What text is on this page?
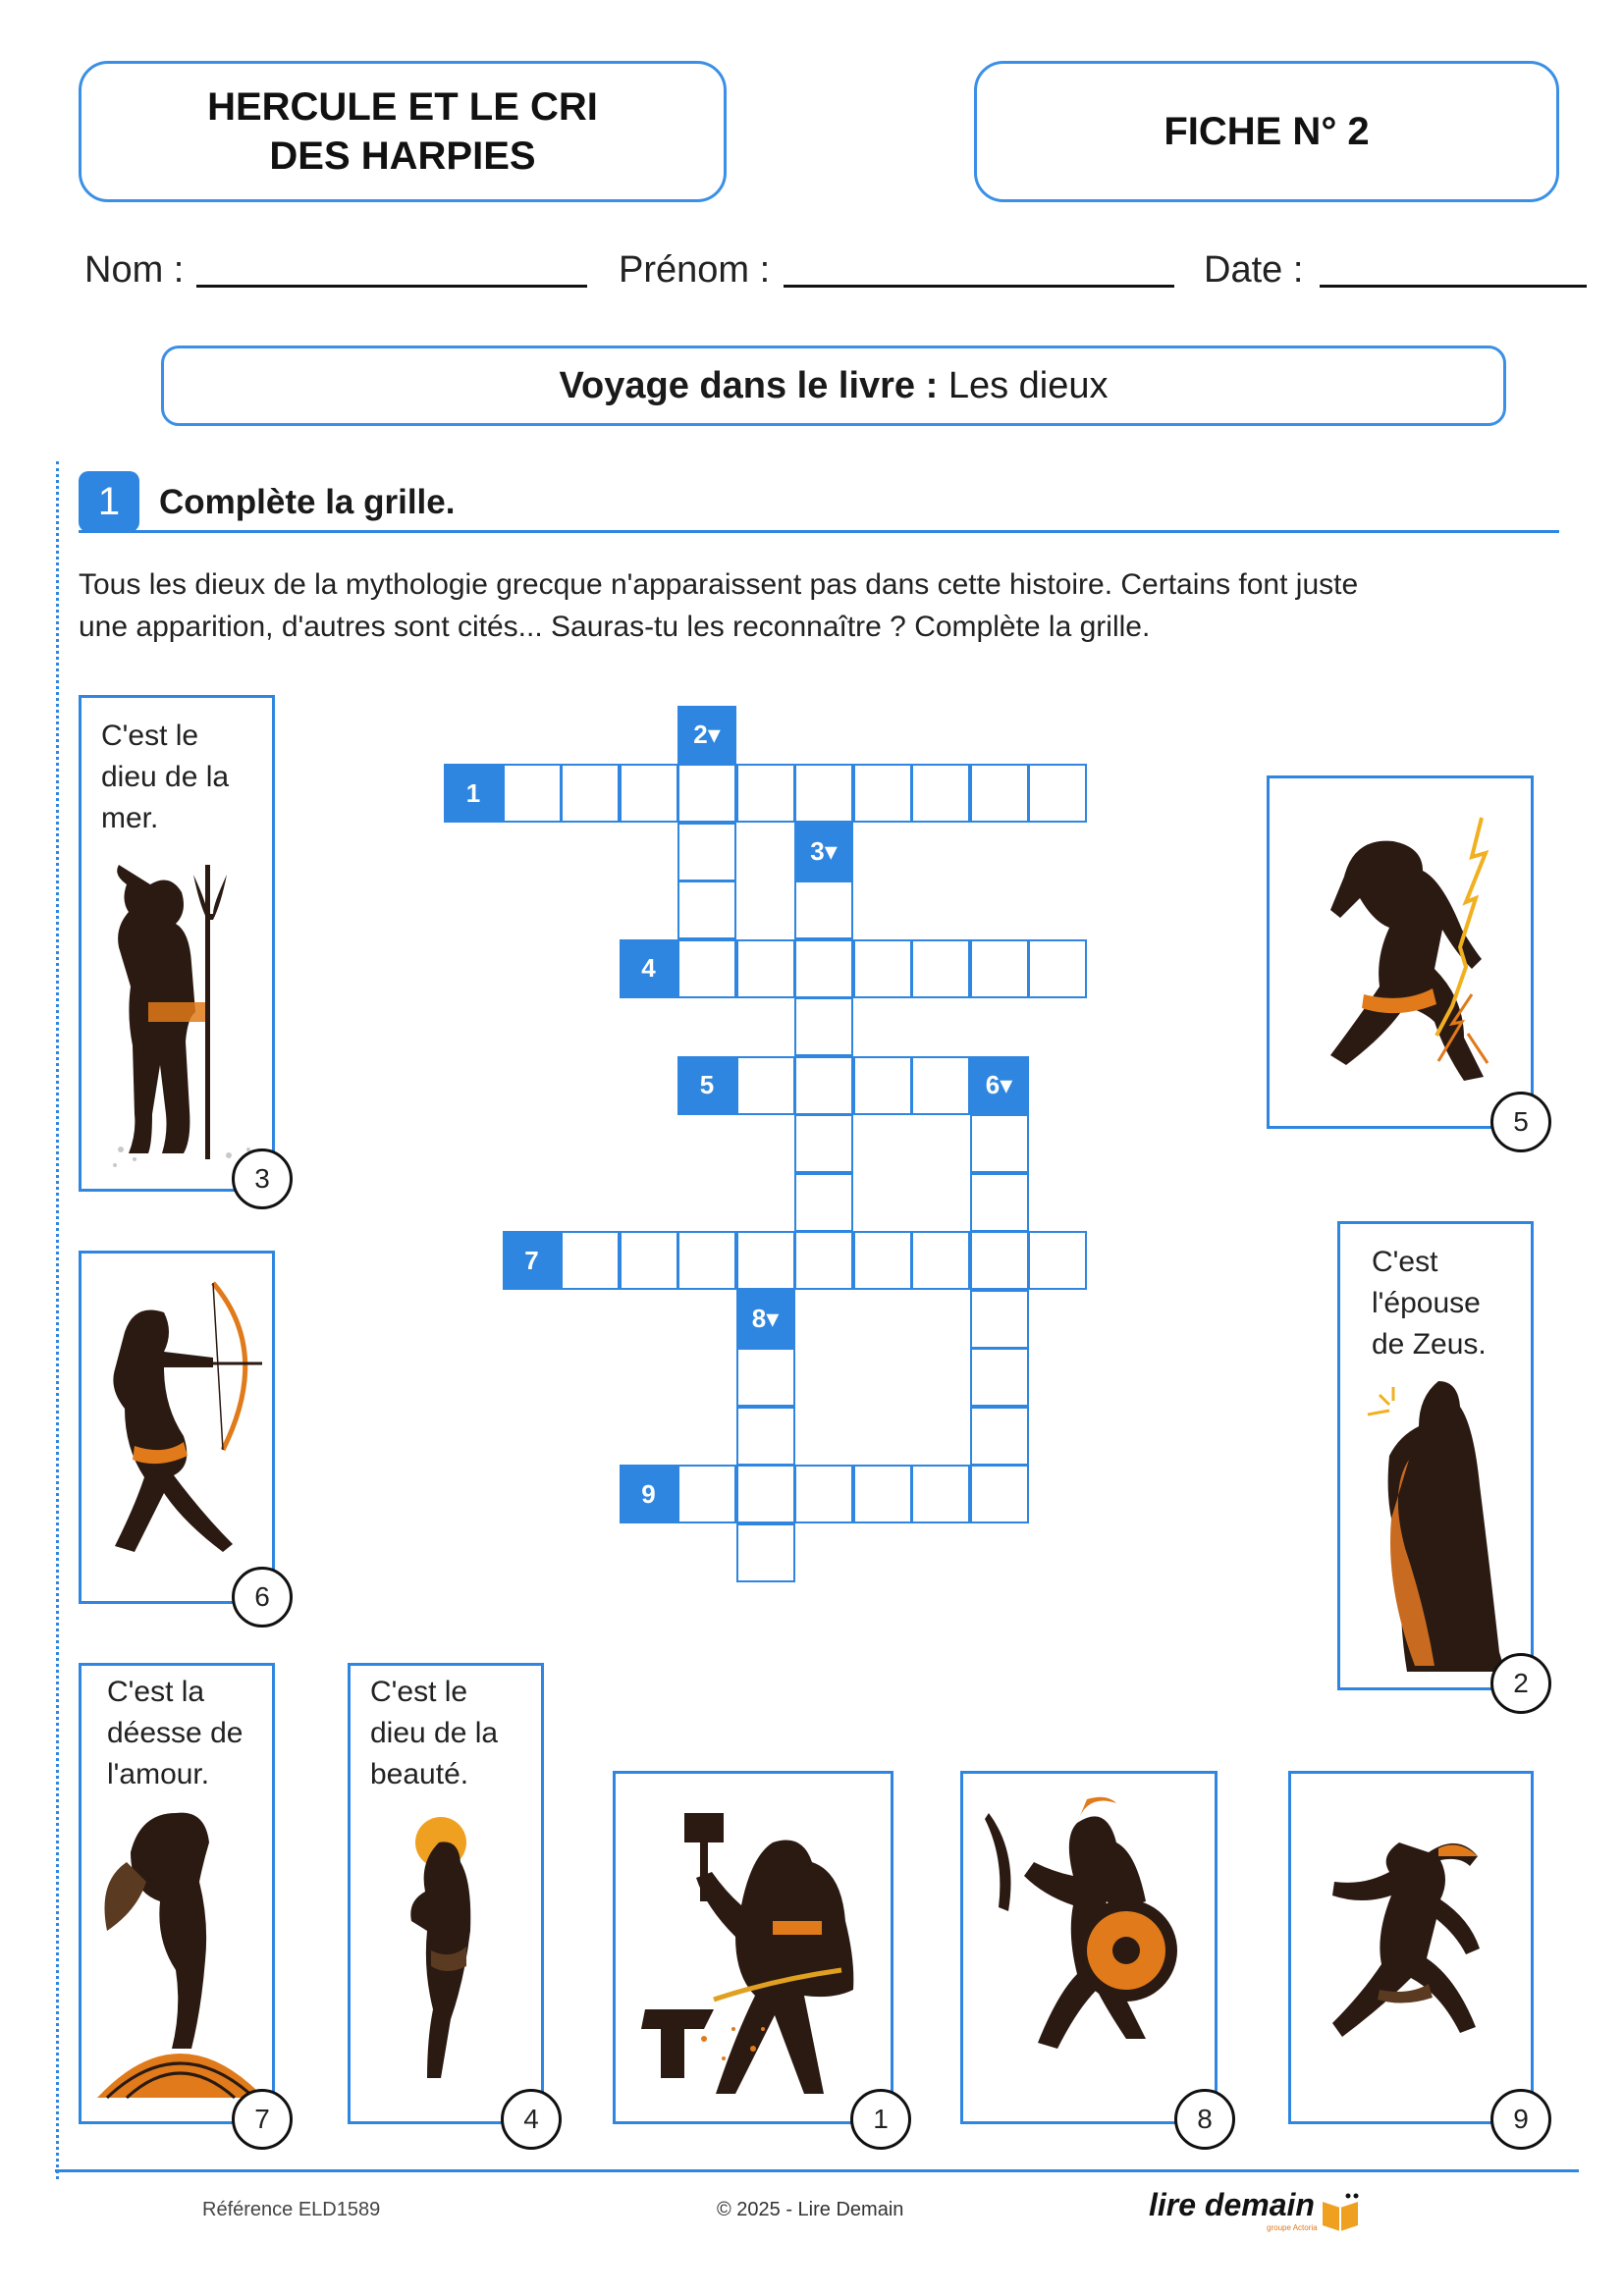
HERCULE ET LE CRI
DES HARPIES
FICHE N° 2
Nom :	Prénom :	Date :
Voyage dans le livre :
Les dieux
1 Complète la grille.
Tous les dieux de la mythologie grecque n'apparaissent pas dans cette histoire. Certains font juste
une apparition, d'autres sont cités... Sauras-tu les reconnaître ? Complète la grille.
1
2▾
3▾
4
5	6▾
7
8▾
9
C'est le
dieu de la
mer.
3
5
6
C'est
l'épouse
de Zeus.
2
C'est la
déesse de
l'amour.
7
C'est le
dieu de la
beauté.
4	1	8	9
Référence ELD1589	© 2025 - Lire Demain	lire demain
groupe Actoria
